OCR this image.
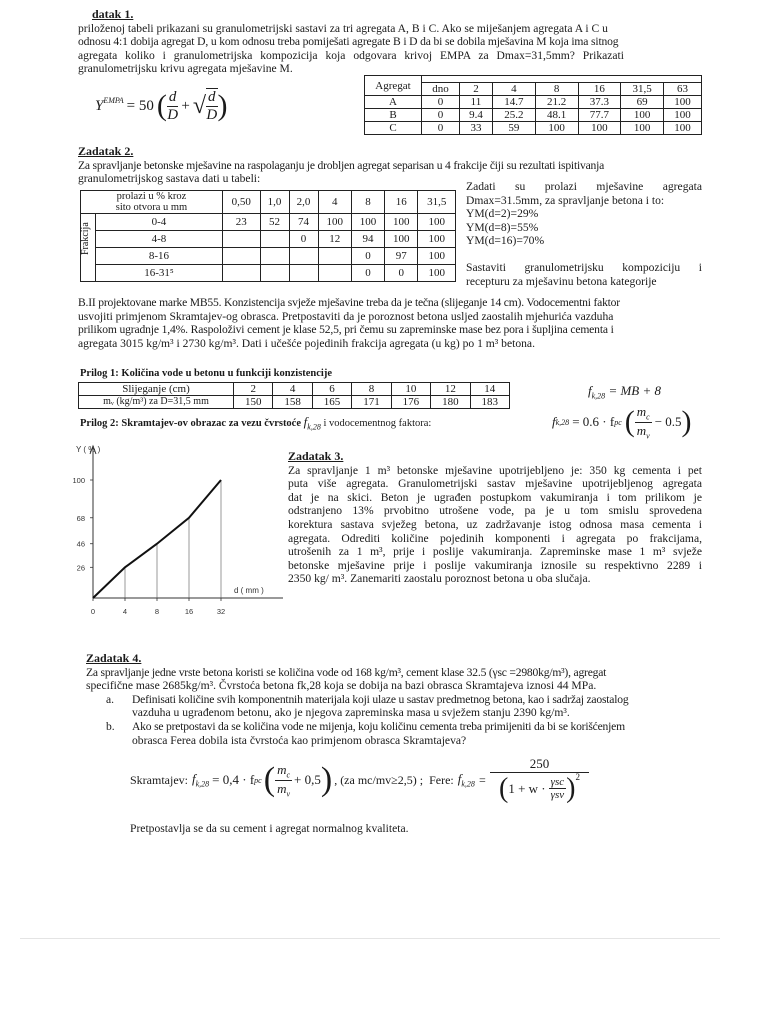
datak 1.
priloženoj tabeli prikazani su granulometrijski sastavi za tri agregata A, B i C. Ako se miješanjem agregata A i C u
odnosu 4:1 dobija agregat D, u kom odnosu treba pomiješati agregate B i D da bi se dobila mješavina M koja ima sitnog
agregata koliko i granulometrijska kompozicija koja odgovara krivoj EMPA za Dmax=31,5mm? Prikazati
granulometrijsku krivu agregata mješavine M.
$Y^{EMPA} = 50$ ( $\frac{d}{D}$ + √ $\frac{d}{D}$ )
Agregat							
	dno	2	4	8	16	31,5	63
A	0	11	14.7	21.2	37.3	69	100
B	0	9.4	25.2	48.1	77.7	100	100
C	0	33	59	100	100	100	100
Zadatak 2.
Za spravljanje betonske mješavine na raspolaganju je drobljen agregat separisan u 4 frakcije čiji su rezultati ispitivanja
granulometrijskog sastava dati u tabeli:
prolazi u % kroz
sito otvora u mm		0,50	1,0	2,0	4	8	16	31,5

Frakcija	0-4	23	52	74	100	100	100	100
	4-8			0	12	94	100	100
	8-16					0	97	100
	16-31⁵					0	0	100
Zadati su prolazi mješavine agregata
Dmax=31.5mm, za spravljanje betona i to:
YM(d=2)=29%
YM(d=8)=55%
YM(d=16)=70%
Sastaviti granulometrijsku kompoziciju i
recepturu za mješavinu betona kategorije
B.II projektovane marke MB55. Konzistencija svježe mješavine treba da je tečna (slijeganje 14 cm). Vodocementni faktor
usvojiti primjenom Skramtajev-og obrasca. Pretpostaviti da je poroznost betona usljed zaostalih mjehurića vazduha
prilikom ugradnje 1,4%. Raspoloživi cement je klase 52,5, pri čemu su zapreminske mase bez pora i šupljina cementa i
agregata 3015 kg/m³ i 2730 kg/m³. Dati i učešće pojedinih frakcija agregata (u kg) po 1 m³ betona.
Prilog 1: Količina vode u betonu u funkciji konzistencije
Slijeganje (cm)	2	4	6	8	10	12	14
mᵥ (kg/m³) za D=31,5 mm	150	158	165	171	176	180	183
Prilog 2: Skramtajev-ov obrazac za vezu čvrstoće $f_{k,28}$ i vodocementnog faktora:
$f_{k,28}$ = MB + 8
f k,28 = 0.6 · f pc ( $\frac{m_c}{m_v} - 0.5$ )
Y ( % )
d ( mm )
100
68
46
26
0	4	8	16	32
Zadatak 3.
Za spravljanje 1 m³ betonske mješavine upotrijebljeno je: 350 kg cementa i pet
puta više agregata. Granulometrijski sastav mješavine upotrijebljenog agregata
dat je na skici. Beton je ugrađen postupkom vakumiranja i tom prilikom je
odstranjeno 13% prvobitno utrošene vode, pa je u tom smislu sprovedena
korektura sastava svježeg betona, uz zadržavanje istog odnosa masa cementa i
agregata. Odrediti količine pojedinih komponenti i agregata po frakcijama,
utrošenih za 1 m³, prije i poslije vakumiranja. Zapreminske mase 1 m³ svježe
betonske mješavine prije i poslije vakumiranja iznosile su respektivno 2289 i
2350 kg/ m³. Zanemariti zaostalu poroznost betona u oba slučaja.
Zadatak 4.
Za spravljanje jedne vrste betona koristi se količina vode od 168 kg/m³, cement klase 32.5 (γsc =2980kg/m³), agregat
specifične mase 2685kg/m³. Čvrstoća betona fk,28 koja se dobija na bazi obrasca Skramtajeva iznosi 44 MPa.
a.	Definisati količine svih komponentnih materijala koji ulaze u sastav predmetnog betona, kao i sadržaj zaostalog
vazduha u ugrađenom betonu, ako je njegova zapreminska masa u svježem stanju 2390 kg/m³.
b.	Ako se pretpostavi da se količina vode ne mijenja, koju količinu cementa treba primijeniti da bi se korišćenjem
obrasca Ferea dobila ista čvrstoća kao primjenom obrasca Skramtajeva?
Skramtajev: $f_{k,28} = 0,4 \cdot f$ pc ( $\frac{m_c}{m_v} + 0,5$ ) , (za mc/mv≥2,5) ; Fere: $f_{k,28} = \frac{250}{( 1 + w \cdot \frac{\text{γsc}}{\text{γsv}} )^2}$
Pretpostavlja se da su cement i agregat normalnog kvaliteta.
